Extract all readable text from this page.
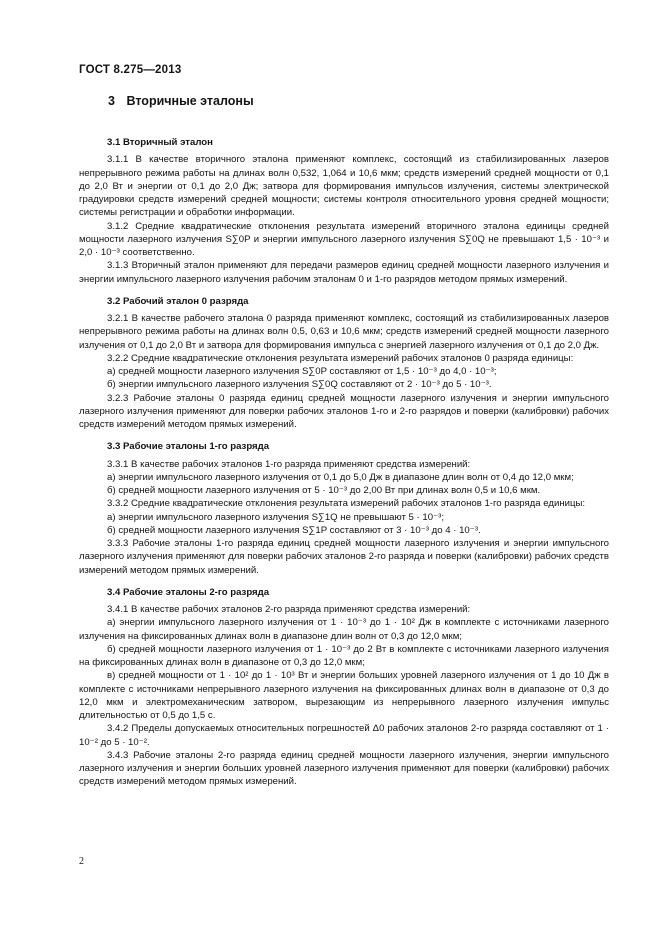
ГОСТ 8.275—2013
3 Вторичные эталоны

3.1 Вторичный эталон

3.1.1 В качестве вторичного эталона применяют комплекс, состоящий из стабилизированных лазеров непрерывного режима работы на длинах волн 0,532, 1,064 и 10,6 мкм; средств измерений средней мощности от 0,1 до 2,0 Вт и энергии от 0,1 до 2,0 Дж; затвора для формирования импульсов излучения, системы электрической градуировки средств измерений средней мощности; системы контроля относительного уровня средней мощности; системы регистрации и обработки информации.

3.1.2 Средние квадратические отклонения результата измерений вторичного эталона единицы средней мощности лазерного излучения S∑0P и энергии импульсного лазерного излучения S∑0Q не превышают 1,5 · 10⁻³ и 2,0 · 10⁻³ соответственно.

3.1.3 Вторичный эталон применяют для передачи размеров единиц средней мощности лазерного излучения и энергии импульсного лазерного излучения рабочим эталонам 0 и 1-го разрядов методом прямых измерений.

3.2 Рабочий эталон 0 разряда

3.2.1 В качестве рабочего эталона 0 разряда применяют комплекс, состоящий из стабилизированных лазеров непрерывного режима работы на длинах волн 0,5, 0,63 и 10,6 мкм; средств измерений средней мощности лазерного излучения от 0,1 до 2,0 Вт и затвора для формирования импульса с энергией лазерного излучения от 0,1 до 2,0 Дж.

3.2.2 Средние квадратические отклонения результата измерений рабочих эталонов 0 разряда единицы:

а) средней мощности лазерного излучения S∑0P составляют от 1,5 · 10⁻³ до 4,0 · 10⁻³;

б) энергии импульсного лазерного излучения S∑0Q составляют от 2 · 10⁻³ до 5 · 10⁻³.

3.2.3 Рабочие эталоны 0 разряда единиц средней мощности лазерного излучения и энергии импульсного лазерного излучения применяют для поверки рабочих эталонов 1-го и 2-го разрядов и поверки (калибровки) рабочих средств измерений методом прямых измерений.

3.3 Рабочие эталоны 1-го разряда

3.3.1 В качестве рабочих эталонов 1-го разряда применяют средства измерений:

а) энергии импульсного лазерного излучения от 0,1 до 5,0 Дж в диапазоне длин волн от 0,4 до 12,0 мкм;

б) средней мощности лазерного излучения от 5 · 10⁻³ до 2,00 Вт при длинах волн 0,5 и 10,6 мкм.

3.3.2 Средние квадратические отклонения результата измерений рабочих эталонов 1-го разряда единицы:

а) энергии импульсного лазерного излучения S∑1Q не превышают 5 · 10⁻³;

б) средней мощности лазерного излучения S∑1P составляют от 3 · 10⁻³ до 4 · 10⁻³.

3.3.3 Рабочие эталоны 1-го разряда единиц средней мощности лазерного излучения и энергии импульсного лазерного излучения применяют для поверки рабочих эталонов 2-го разряда и поверки (калибровки) рабочих средств измерений методом прямых измерений.

3.4 Рабочие эталоны 2-го разряда

3.4.1 В качестве рабочих эталонов 2-го разряда применяют средства измерений:

а) энергии импульсного лазерного излучения от 1 · 10⁻³ до 1 · 10² Дж в комплекте с источниками лазерного излучения на фиксированных длинах волн в диапазоне длин волн от 0,3 до 12,0 мкм;

б) средней мощности лазерного излучения от 1 · 10⁻³ до 2 Вт в комплекте с источниками лазерного излучения на фиксированных длинах волн в диапазоне от 0,3 до 12,0 мкм;

в) средней мощности от 1 · 10² до 1 · 10³ Вт и энергии больших уровней лазерного излучения от 1 до 10 Дж в комплекте с источниками непрерывного лазерного излучения на фиксированных длинах волн в диапазоне от 0,3 до 12,0 мкм и электромеханическим затвором, вырезающим из непрерывного лазерного излучения импульс длительностью от 0,5 до 1,5 с.

3.4.2 Пределы допускаемых относительных погрешностей Δ0 рабочих эталонов 2-го разряда составляют от 1 · 10⁻² до 5 · 10⁻².

3.4.3 Рабочие эталоны 2-го разряда единиц средней мощности лазерного излучения, энергии импульсного лазерного излучения и энергии больших уровней лазерного излучения применяют для поверки (калибровки) рабочих средств измерений методом прямых измерений.

2
